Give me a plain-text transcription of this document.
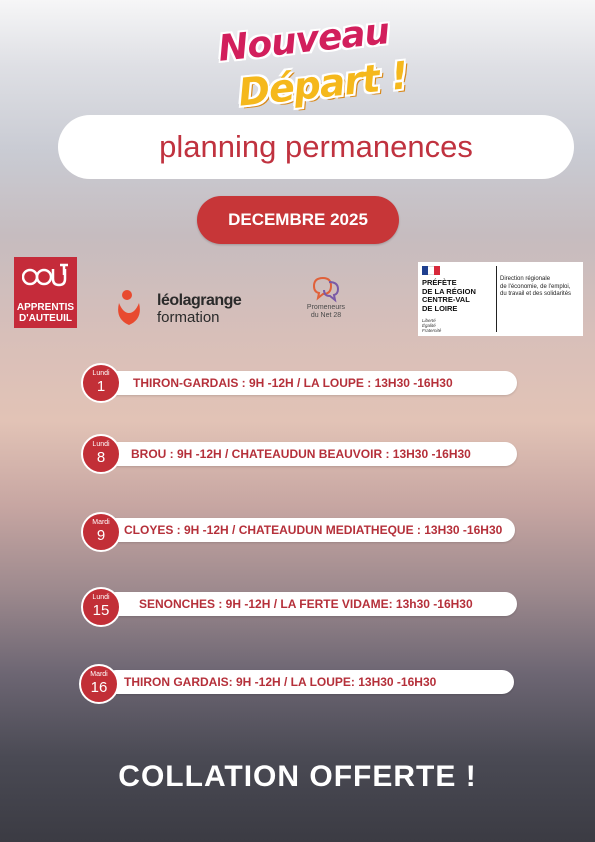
Nouveau
Départ !
planning permanences
DECEMBRE 2025
APPRENTIS
D'AUTEUIL
léolagrange
formation
Promeneurs
du Net 28
PRÉFÈTE
DE LA RÉGION
CENTRE-VAL
DE LOIRE
Liberté
Égalité
Fraternité
Direction régionale
de l'économie, de l'emploi,
du travail et des solidarités
THIRON-GARDAIS : 9H -12H / LA LOUPE : 13H30 -16H30
Lundi
1
BROU : 9H -12H / CHATEAUDUN BEAUVOIR : 13H30 -16H30
Lundi
8
CLOYES : 9H -12H / CHATEAUDUN MEDIATHEQUE : 13H30 -16H30
Mardi
9
SENONCHES : 9H -12H / LA FERTE VIDAME: 13h30 -16H30
Lundi
15
THIRON GARDAIS: 9H -12H / LA LOUPE: 13H30 -16H30
Mardi
16
COLLATION OFFERTE !
